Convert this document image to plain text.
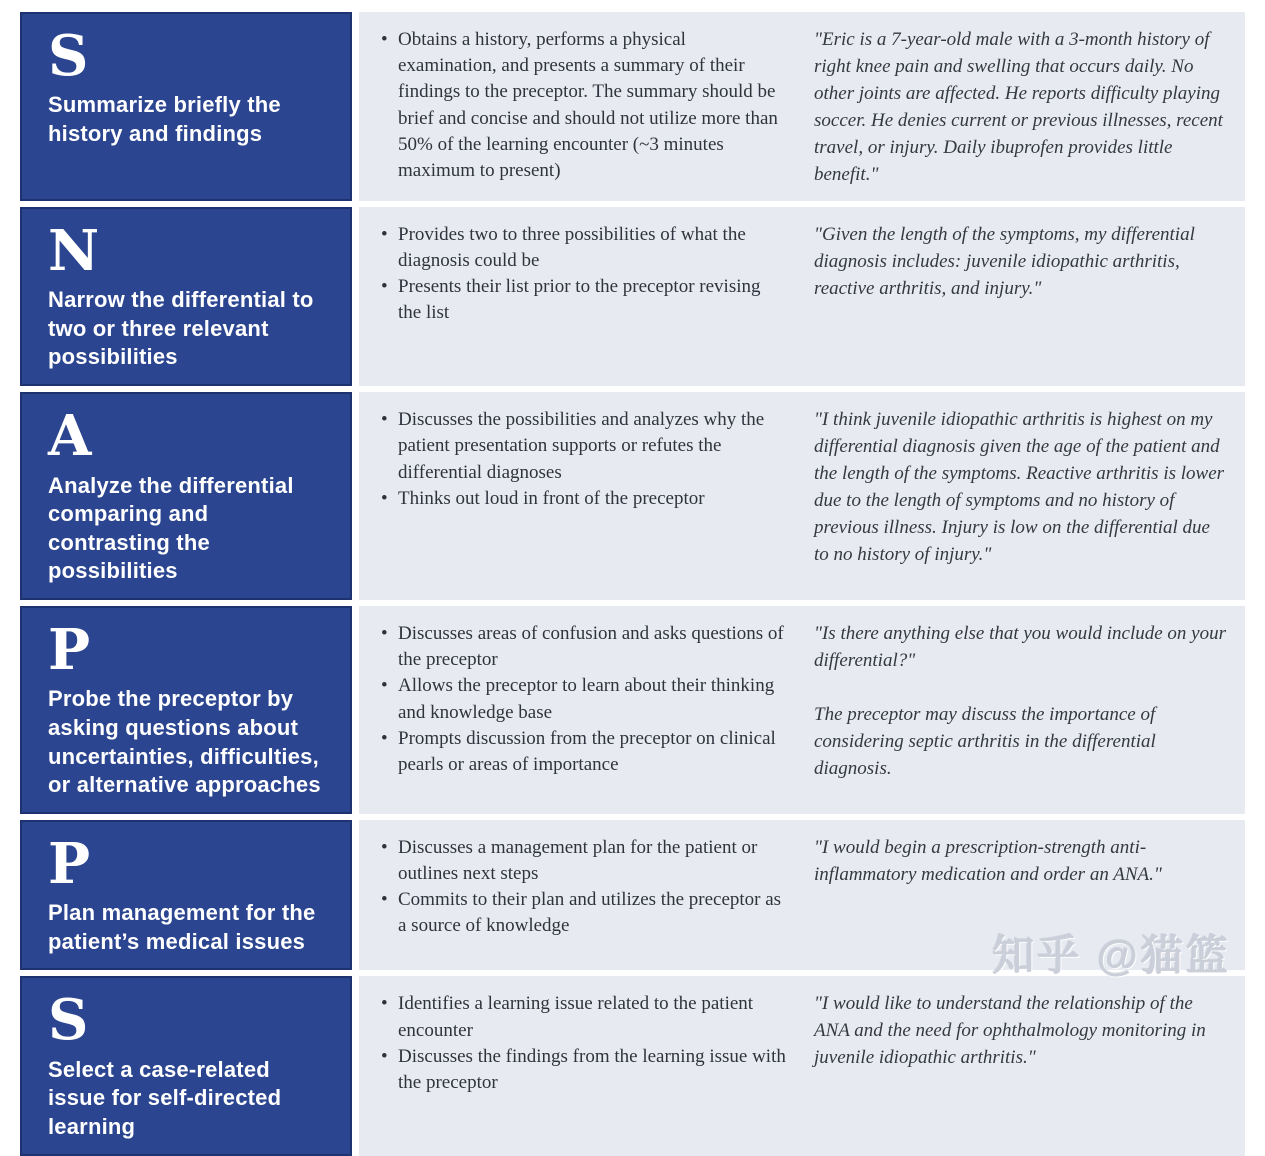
S
Summarize briefly the history and findings
• Obtains a history, performs a physical examination, and presents a summary of their findings to the preceptor. The summary should be brief and concise and should not utilize more than 50% of the learning encounter (~3 minutes maximum to present)

"Eric is a 7-year-old male with a 3-month history of right knee pain and swelling that occurs daily. No other joints are affected. He reports difficulty playing soccer. He denies current or previous illnesses, recent travel, or injury. Daily ibuprofen provides little benefit."

N
Narrow the differential to two or three relevant possibilities
• Provides two to three possibilities of what the diagnosis could be
• Presents their list prior to the preceptor revising the list

"Given the length of the symptoms, my differential diagnosis includes: juvenile idiopathic arthritis, reactive arthritis, and injury."

A
Analyze the differential comparing and contrasting the possibilities
• Discusses the possibilities and analyzes why the patient presentation supports or refutes the differential diagnoses
• Thinks out loud in front of the preceptor

"I think juvenile idiopathic arthritis is highest on my differential diagnosis given the age of the patient and the length of the symptoms. Reactive arthritis is lower due to the length of symptoms and no history of previous illness. Injury is low on the differential due to no history of injury."

P
Probe the preceptor by asking questions about uncertainties, difficulties, or alternative approaches
• Discusses areas of confusion and asks questions of the preceptor
• Allows the preceptor to learn about their thinking and knowledge base
• Prompts discussion from the preceptor on clinical pearls or areas of importance

"Is there anything else that you would include on your differential?"

The preceptor may discuss the importance of considering septic arthritis in the differential diagnosis.

P
Plan management for the patient’s medical issues
• Discusses a management plan for the patient or outlines next steps
• Commits to their plan and utilizes the preceptor as a source of knowledge

"I would begin a prescription-strength anti-inflammatory medication and order an ANA."

S
Select a case-related issue for self-directed learning
• Identifies a learning issue related to the patient encounter
• Discusses the findings from the learning issue with the preceptor

"I would like to understand the relationship of the ANA and the need for ophthalmology monitoring in juvenile idiopathic arthritis."

知乎 @猫篮
